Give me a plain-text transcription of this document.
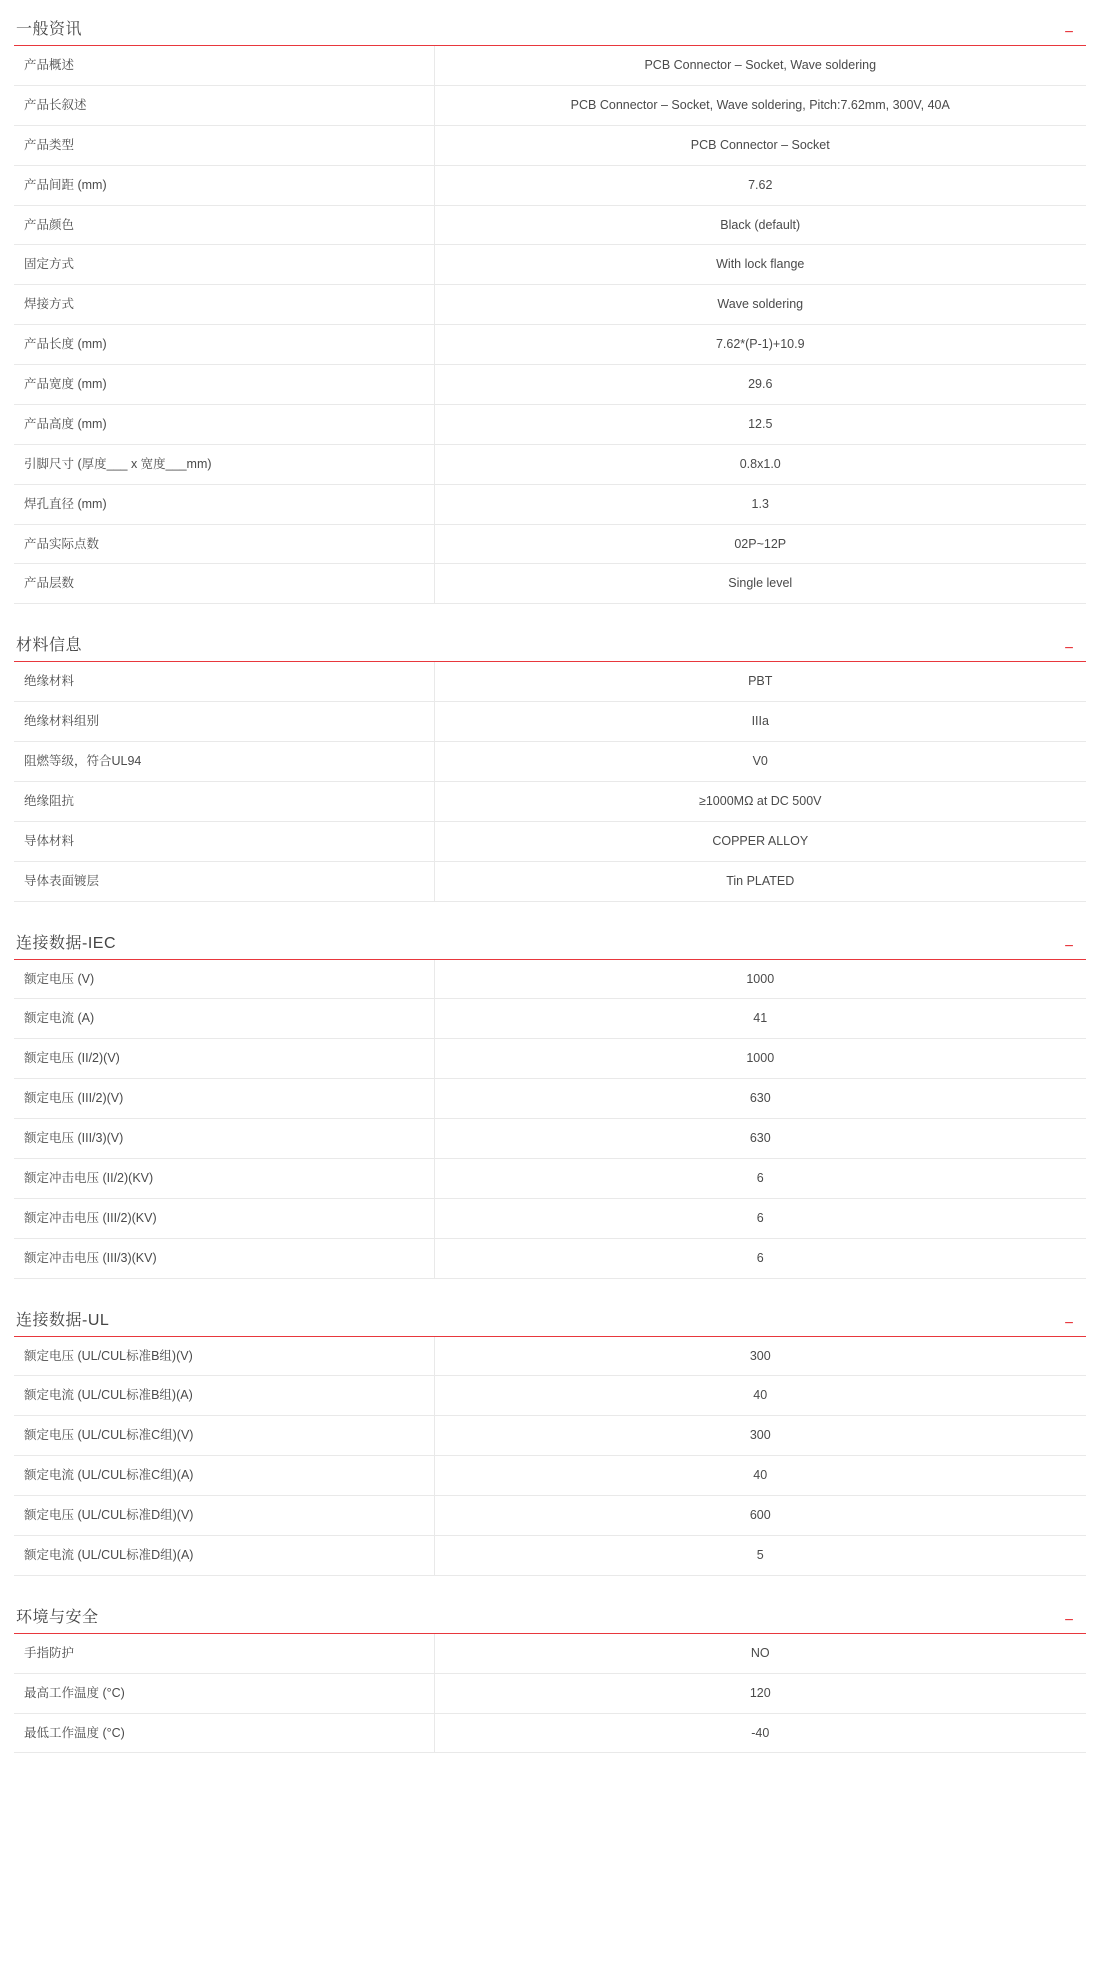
一般资讯	−
产品概述	PCB Connector – Socket, Wave soldering
产品长叙述	PCB Connector – Socket, Wave soldering, Pitch:7.62mm, 300V, 40A
产品类型	PCB Connector – Socket
产品间距 (mm)	7.62
产品颜色	Black (default)
固定方式	With lock flange
焊接方式	Wave soldering
产品长度 (mm)	7.62*(P-1)+10.9
产品宽度 (mm)	29.6
产品高度 (mm)	12.5
引脚尺寸 (厚度___ x 宽度___mm)	0.8x1.0
焊孔直径 (mm)	1.3
产品实际点数	02P~12P
产品层数	Single level
材料信息	−
绝缘材料	PBT
绝缘材料组别	IIIa
阻燃等级，符合UL94	V0
绝缘阻抗	≥1000MΩ at DC 500V
导体材料	COPPER ALLOY
导体表面镀层	Tin PLATED
连接数据-IEC	−
额定电压 (V)	1000
额定电流 (A)	41
额定电压 (II/2)(V)	1000
额定电压 (III/2)(V)	630
额定电压 (III/3)(V)	630
额定冲击电压 (II/2)(KV)	6
额定冲击电压 (III/2)(KV)	6
额定冲击电压 (III/3)(KV)	6
连接数据-UL	−
额定电压 (UL/CUL标准B组)(V)	300
额定电流 (UL/CUL标准B组)(A)	40
额定电压 (UL/CUL标准C组)(V)	300
额定电流 (UL/CUL标准C组)(A)	40
额定电压 (UL/CUL标准D组)(V)	600
额定电流 (UL/CUL标准D组)(A)	5
环境与安全	−
手指防护	NO
最高工作温度 (°C)	120
最低工作温度 (°C)	-40
